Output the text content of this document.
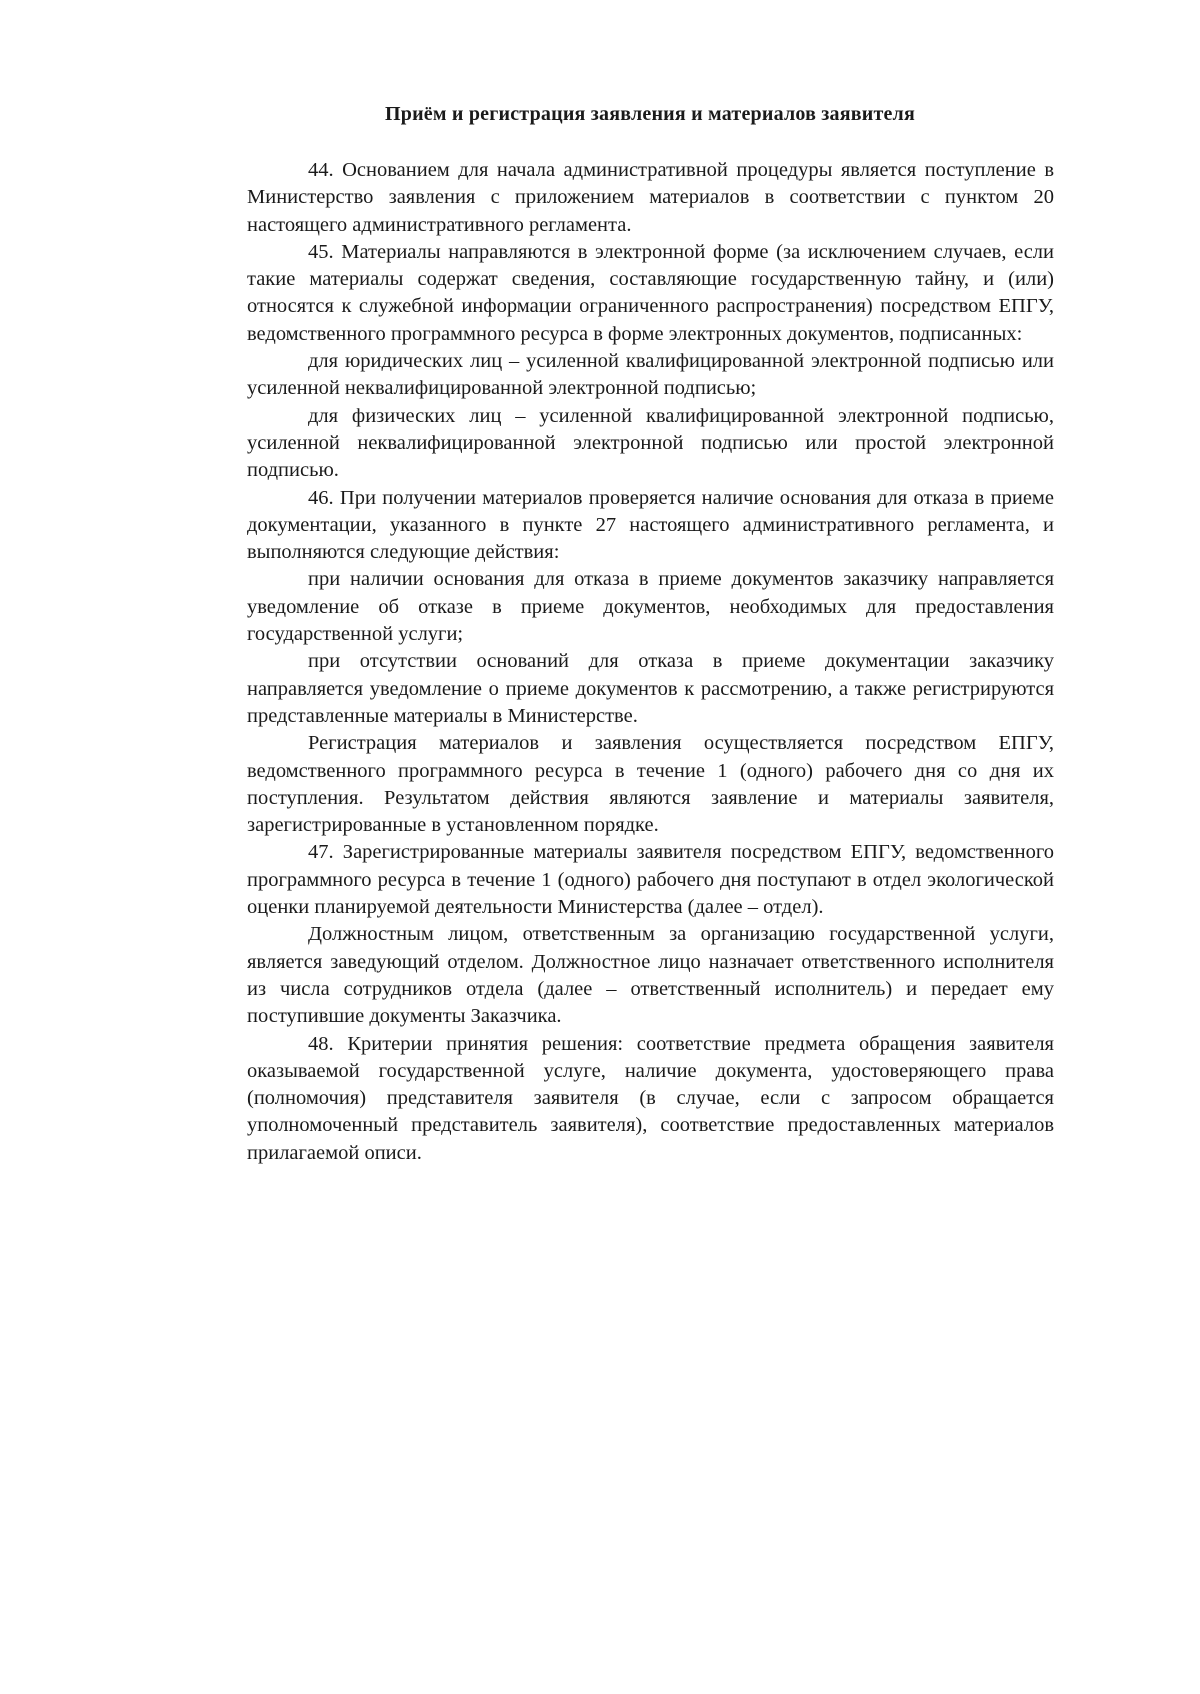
Приём и регистрация заявления и материалов заявителя

44. Основанием для начала административной процедуры является поступление в Министерство заявления с приложением материалов в соответствии с пунктом 20 настоящего административного регламента.

45. Материалы направляются в электронной форме (за исключением случаев, если такие материалы содержат сведения, составляющие государственную тайну, и (или) относятся к служебной информации ограниченного распространения) посредством ЕПГУ, ведомственного программного ресурса в форме электронных документов, подписанных:

для юридических лиц – усиленной квалифицированной электронной подписью или усиленной неквалифицированной электронной подписью;

для физических лиц – усиленной квалифицированной электронной подписью, усиленной неквалифицированной электронной подписью или простой электронной подписью.

46. При получении материалов проверяется наличие основания для отказа в приеме документации, указанного в пункте 27 настоящего административного регламента, и выполняются следующие действия:

при наличии основания для отказа в приеме документов заказчику направляется уведомление об отказе в приеме документов, необходимых для предоставления государственной услуги;

при отсутствии оснований для отказа в приеме документации заказчику направляется уведомление о приеме документов к рассмотрению, а также регистрируются представленные материалы в Министерстве.

Регистрация материалов и заявления осуществляется посредством ЕПГУ, ведомственного программного ресурса в течение 1 (одного) рабочего дня со дня их поступления. Результатом действия являются заявление и материалы заявителя, зарегистрированные в установленном порядке.

47. Зарегистрированные материалы заявителя посредством ЕПГУ, ведомственного программного ресурса в течение 1 (одного) рабочего дня поступают в отдел экологической оценки планируемой деятельности Министерства (далее – отдел).

Должностным лицом, ответственным за организацию государственной услуги, является заведующий отделом. Должностное лицо назначает ответственного исполнителя из числа сотрудников отдела (далее – ответственный исполнитель) и передает ему поступившие документы Заказчика.

48. Критерии принятия решения: соответствие предмета обращения заявителя оказываемой государственной услуге, наличие документа, удостоверяющего права (полномочия) представителя заявителя (в случае, если с запросом обращается уполномоченный представитель заявителя), соответствие предоставленных материалов прилагаемой описи.
